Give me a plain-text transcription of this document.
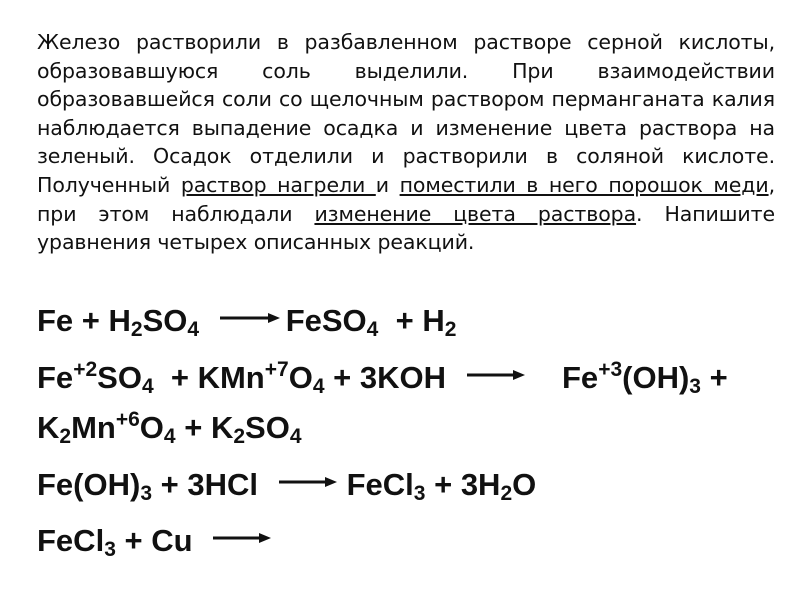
Железо растворили в разбавленном растворе серной кислоты, образовавшуюся соль выделили. При взаимодействии образовавшейся соли со щелочным раствором перманганата калия наблюдается выпадение осадка и изменение цвета раствора на зеленый. Осадок отделили и растворили в соляной кислоте. Полученный раствор нагрели и поместили в него порошок меди, при этом наблюдали изменение цвета раствора. Напишите уравнения четырех описанных реакций.
$Fe + H_2SO_4$ → FeSO$_4$  + $H_2$
$Fe^{+2}SO_4 + KMn^{+7}O_4 + 3KOH \to Fe^{+3}(OH)_3$ +
$K_2Mn^{+6}O_4 + K_2SO_4$
$Fe(OH)_3 + 3HCl$ → FeCl$_3$ + $3H_2O$
FeCl$_3$ + Cu →
